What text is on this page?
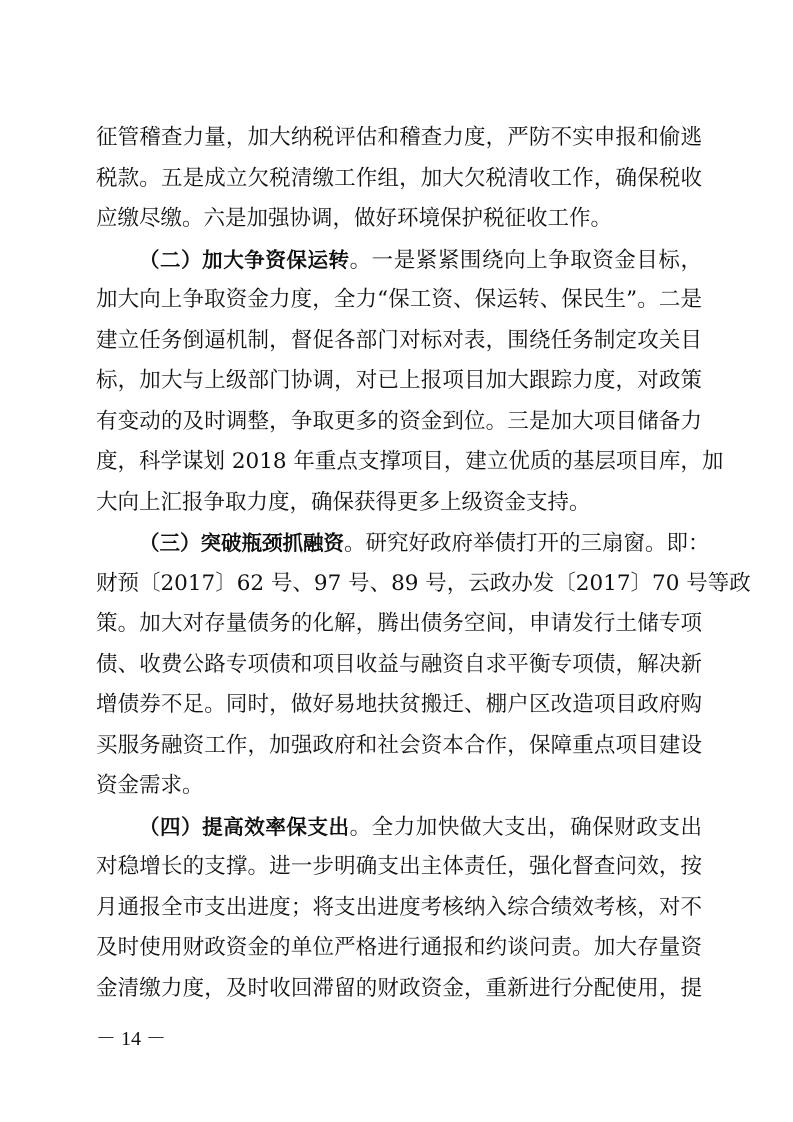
征管稽查力量，加大纳税评估和稽查力度，严防不实申报和偷逃
税款。五是成立欠税清缴工作组，加大欠税清收工作，确保税收
应缴尽缴。六是加强协调，做好环境保护税征收工作。
（二）加大争资保运转。一是紧紧围绕向上争取资金目标，
加大向上争取资金力度，全力“保工资、保运转、保民生”。二是
建立任务倒逼机制，督促各部门对标对表，围绕任务制定攻关目
标，加大与上级部门协调，对已上报项目加大跟踪力度，对政策
有变动的及时调整，争取更多的资金到位。三是加大项目储备力
度，科学谋划 2018 年重点支撑项目，建立优质的基层项目库，加
大向上汇报争取力度，确保获得更多上级资金支持。
（三）突破瓶颈抓融资。研究好政府举债打开的三扇窗。即：
财预〔2017〕62 号、97 号、89 号，云政办发〔2017〕70 号等政
策。加大对存量债务的化解，腾出债务空间，申请发行土储专项
债、收费公路专项债和项目收益与融资自求平衡专项债，解决新
增债券不足。同时，做好易地扶贫搬迁、棚户区改造项目政府购
买服务融资工作，加强政府和社会资本合作，保障重点项目建设
资金需求。
（四）提高效率保支出。全力加快做大支出，确保财政支出
对稳增长的支撑。进一步明确支出主体责任，强化督查问效，按
月通报全市支出进度；将支出进度考核纳入综合绩效考核，对不
及时使用财政资金的单位严格进行通报和约谈问责。加大存量资
金清缴力度，及时收回滞留的财政资金，重新进行分配使用，提
－ 14 －
